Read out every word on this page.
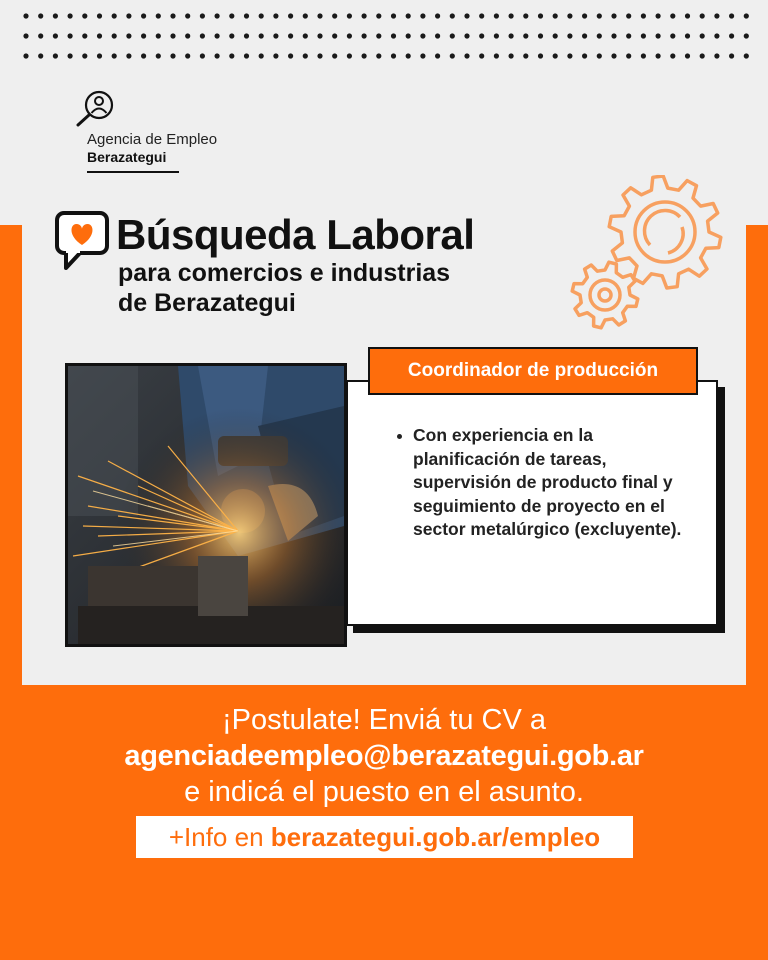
Agencia de Empleo
Berazategui
Búsqueda Laboral
para comercios e industrias
de Berazategui
Coordinador de producción
Con experiencia en la planificación de tareas, supervisión de producto final y seguimiento de proyecto en el sector metalúrgico (excluyente).
¡Postulate! Enviá tu CV a
agenciadeempleo@berazategui.gob.ar
e indicá el puesto en el asunto.
+Info en berazategui.gob.ar/empleo
